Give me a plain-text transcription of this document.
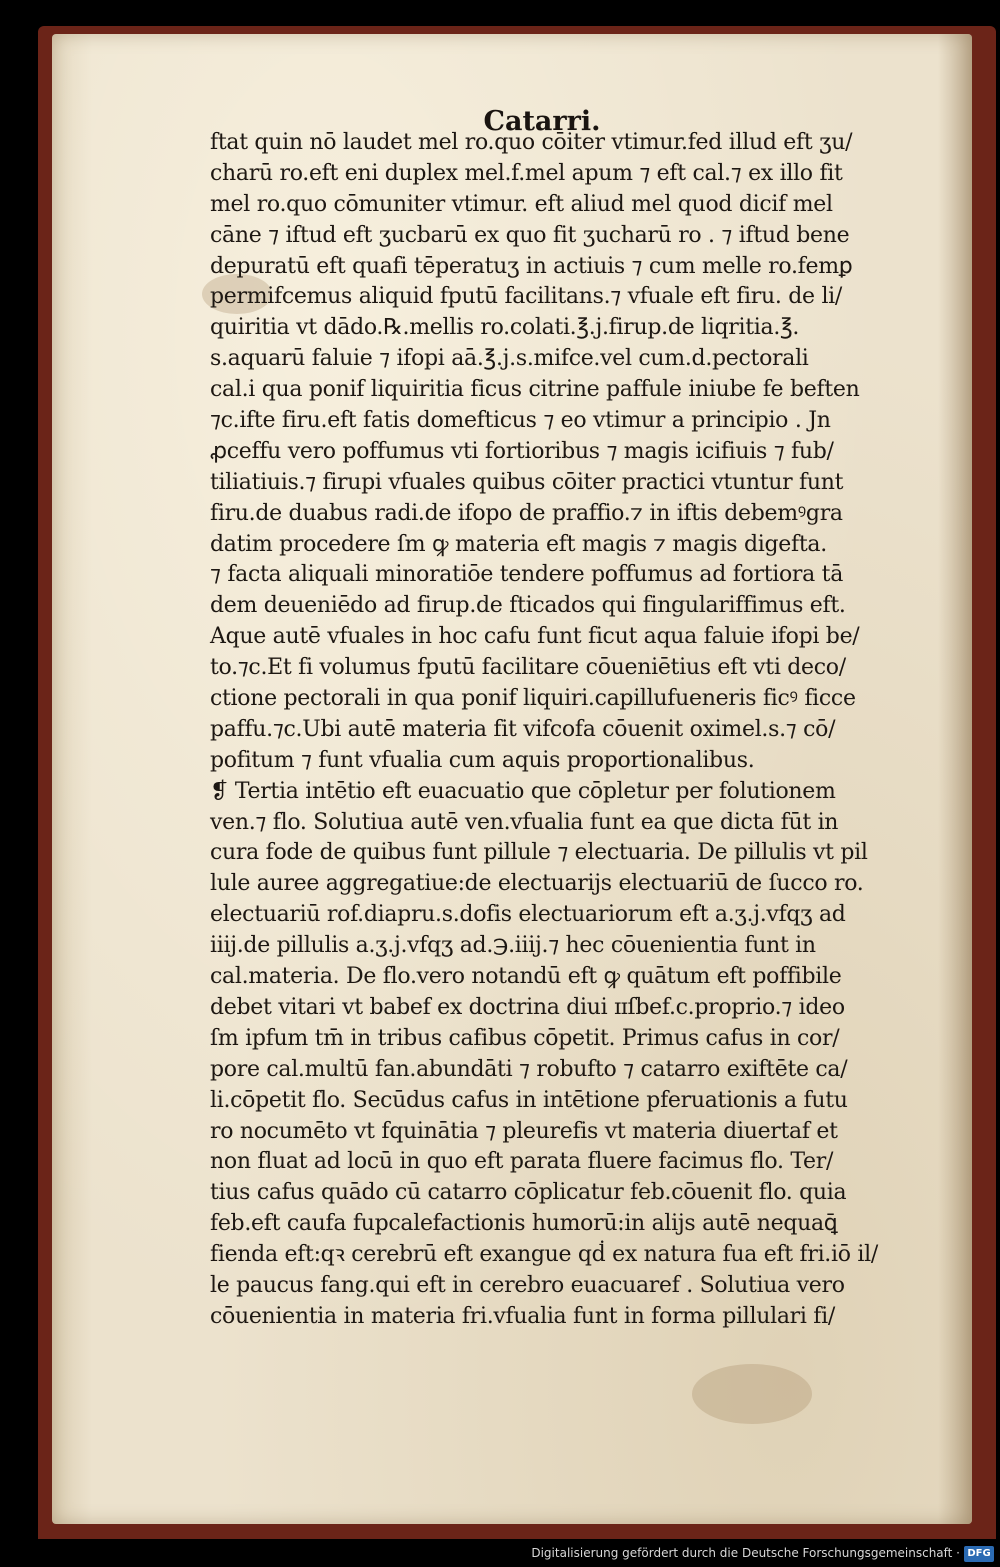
Catarri.
ftat quin nō laudet mel ro.quo cōiter vtimur.fed illud eft ʒu/
charū ro.eft eni duplex mel.f.mel apum ⁊ eft cal.⁊ ex illo fit
mel ro.quo cōmuniter vtimur. eft aliud mel quod dicif mel
cāne ⁊ iftud eft ʒucbarū ex quo fit ʒucharū ro . ⁊ iftud bene
depuratū eft quafi tēperatuʒ in actiuis ⁊ cum melle ro.femꝑ
permifcemus aliquid fputū facilitans.⁊ vfuale eft firu. de li/
quiritia vt dādo.℞.mellis ro.colati.℥.j.firup.de liqritia.℥.
s.aquarū faluie ⁊ ifopi aā.℥.j.s.mifce.vel cum.d.pectorali
cal.i qua ponif liquiritia ficus citrine paffule iniube fe beften
⁊c.ifte firu.eft fatis domefticus ⁊ eo vtimur a principio . Jn
ꝓceffu vero poffumus vti fortioribus ⁊ magis icifiuis ⁊ fub/
tiliatiuis.⁊ firupi vfuales quibus cōiter practici vtuntur funt
firu.de duabus radi.de ifopo de praffio.⁊ in iftis debemꝰgra
datim procedere ſm ꝙ materia eft magis ⁊ magis digefta.
⁊ facta aliquali minoratiōe tendere poffumus ad fortiora tā
dem deueniēdo ad firup.de fticados qui fingulariffimus eft.
Aque autē vfuales in hoc cafu funt ficut aqua faluie ifopi be/
to.⁊c.Et fi volumus fputū facilitare cōueniētius eft vti deco/
ctione pectorali in qua ponif liquiri.capillufueneris ficꝰ ficce
paffu.⁊c.Ubi autē materia fit vifcofa cōuenit oximel.s.⁊ cō/
pofitum ⁊ funt vfualia cum aquis proportionalibus.
❡ Tertia intētio eft euacuatio que cōpletur per folutionem
ven.⁊ flo. Solutiua autē ven.vfualia funt ea que dicta fūt in
cura fode de quibus funt pillule ⁊ electuaria. De pillulis vt pil
lule auree aggregatiue:de electuarijs electuariū de ſucco ro.
electuariū rof.diapru.s.dofis electuariorum eft a.ʒ.j.vfqʒ ad
iiij.de pillulis a.ʒ.j.vfqʒ ad.℈.iiij.⁊ hec cōuenientia funt in
cal.materia. De flo.vero notandū eft ꝙ quātum eft poffibile
debet vitari vt babef ex doctrina diui ɪɪſbef.c.proprio.⁊ ideo
ſm ipfum tm̄ in tribus cafibus cōpetit. Primus cafus in cor/
pore cal.multū fan.abundāti ⁊ robufto ⁊ catarro exiftēte ca/
li.cōpetit flo. Secūdus cafus in intētione pferuationis a futu
ro nocumēto vt fquinātia ⁊ pleurefis vt materia diuertaf et
non fluat ad locū in quo eft parata fluere facimus flo. Ter/
tius cafus quādo cū catarro cōplicatur feb.cōuenit flo. quia
feb.eft caufa fupcalefactionis humorū:in alijs autē nequaꝗ̄
fienda eft:qꝛ cerebrū eft exangue qḋ ex natura fua eft fri.iō il/
le paucus fang.qui eft in cerebro euacuaref . Solutiua vero
cōuenientia in materia fri.vfualia funt in forma pillulari fi/
Digitalisierung gefördert durch die Deutsche Forschungsgemeinschaft · DFG
